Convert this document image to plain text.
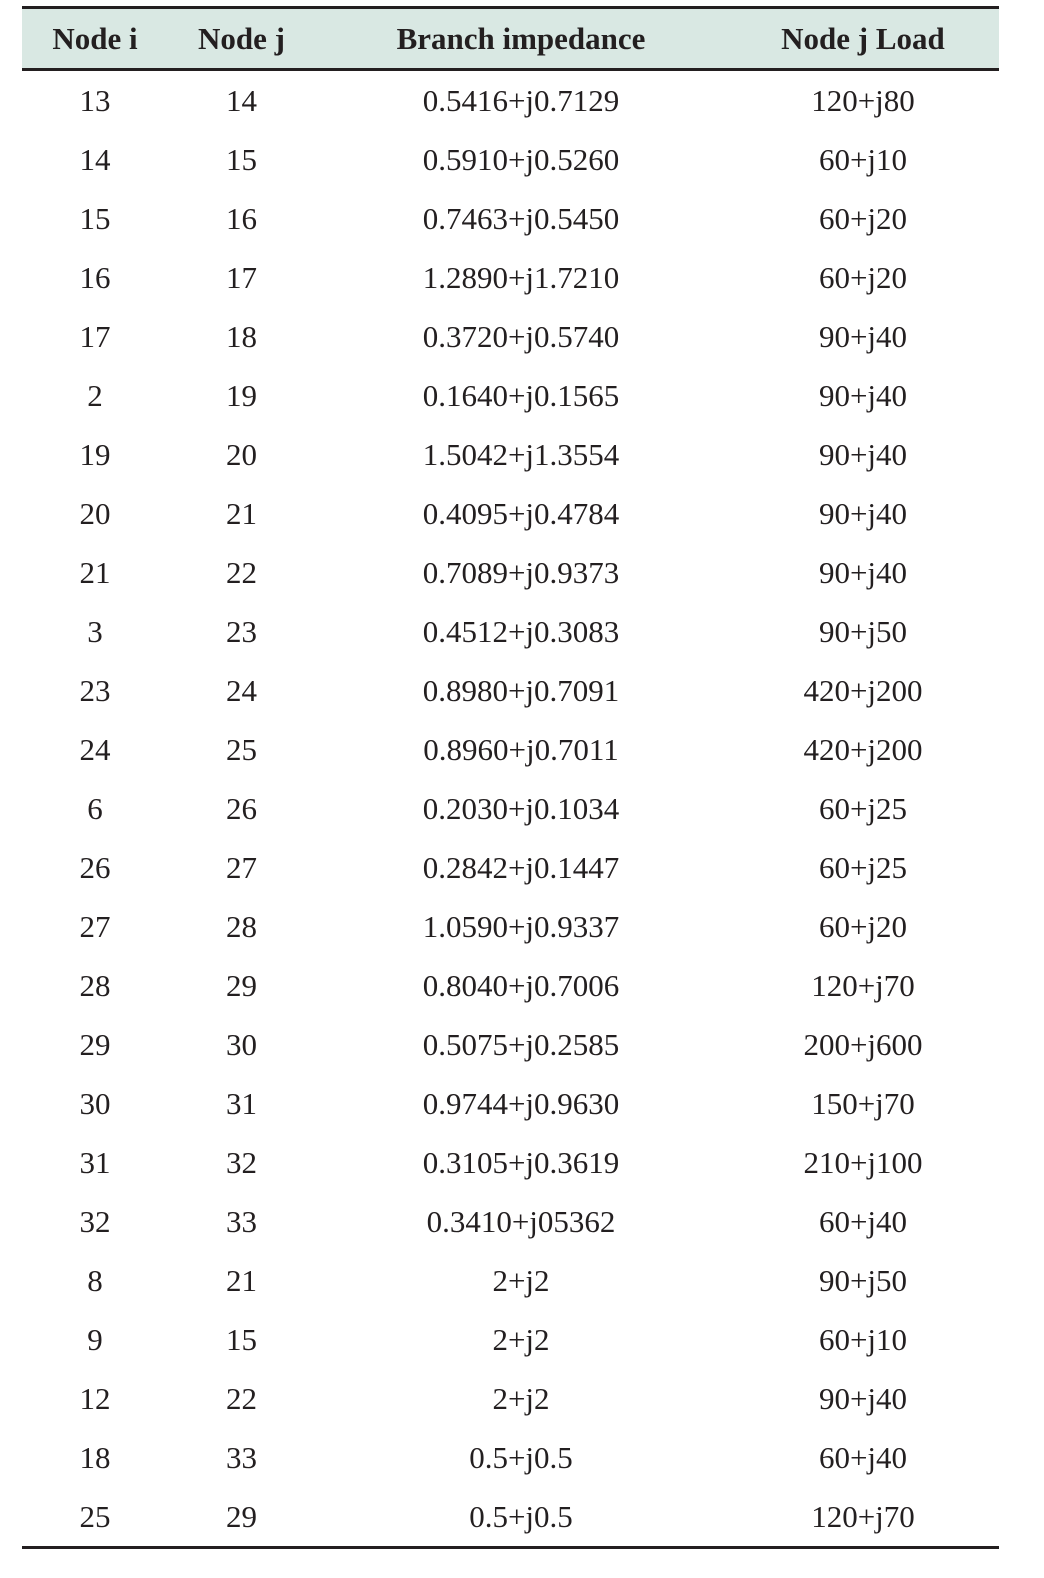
Node i	Node j	Branch impedance	Node j Load
13	14	0.5416+j0.7129	120+j80
14	15	0.5910+j0.5260	60+j10
15	16	0.7463+j0.5450	60+j20
16	17	1.2890+j1.7210	60+j20
17	18	0.3720+j0.5740	90+j40
2	19	0.1640+j0.1565	90+j40
19	20	1.5042+j1.3554	90+j40
20	21	0.4095+j0.4784	90+j40
21	22	0.7089+j0.9373	90+j40
3	23	0.4512+j0.3083	90+j50
23	24	0.8980+j0.7091	420+j200
24	25	0.8960+j0.7011	420+j200
6	26	0.2030+j0.1034	60+j25
26	27	0.2842+j0.1447	60+j25
27	28	1.0590+j0.9337	60+j20
28	29	0.8040+j0.7006	120+j70
29	30	0.5075+j0.2585	200+j600
30	31	0.9744+j0.9630	150+j70
31	32	0.3105+j0.3619	210+j100
32	33	0.3410+j05362	60+j40
8	21	2+j2	90+j50
9	15	2+j2	60+j10
12	22	2+j2	90+j40
18	33	0.5+j0.5	60+j40
25	29	0.5+j0.5	120+j70
